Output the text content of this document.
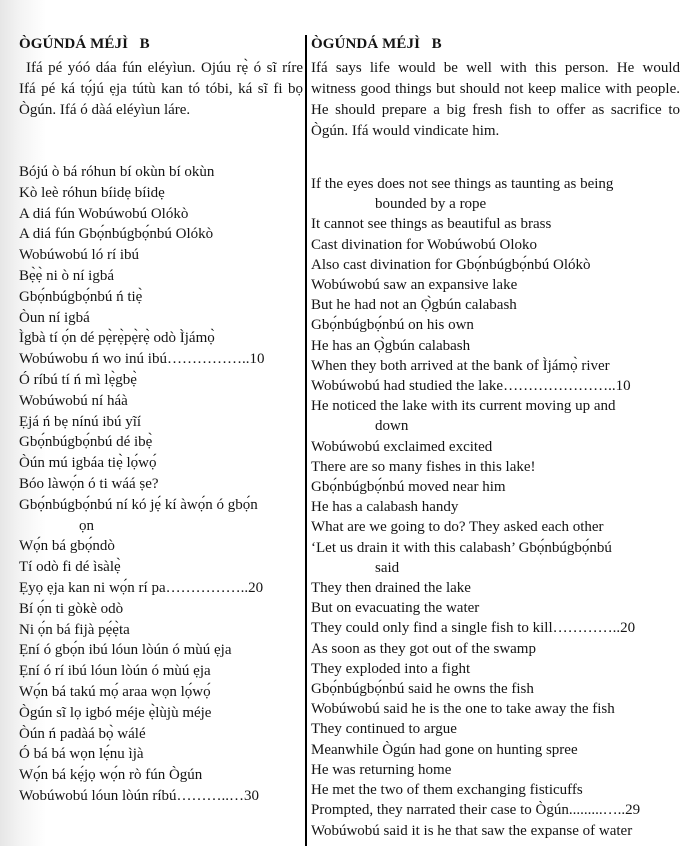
ÒGÚNDÁ MÉJÌ   B

Ifá pé yóó dáa fún eléyìun. Ojúu rẹ̀ ó sĩ ríre Ifá pé ká tọ́jú ẹja tútù kan tó tóbi, ká sĩ fi bọ Ògún. Ifá ó dàá eléyìun láre.

Bójú ò bá róhun bí okùn bí okùn
Kò leè róhun bíidẹ bíidẹ
A diá fún Wobúwobú Olókò
A diá fún Gbọ́nbúgbọ́nbú Olókò
Wobúwobú ló rí ibú
Bẹ̀ẹ̀ ni ò ní igbá
Gbọ́nbúgbọ́nbú ń tiẹ̀
Òun ní igbá
Ìgbà tí ọ́n dé pẹ̀rẹ̀pẹ̀rẹ̀ odò Ìjámọ̀
Wobúwobu ń wo inú ibú……………..10
Ó ríbú tí ń mì lẹ̀gbẹ̀
Wobúwobú ní háà
Ẹjá ń bẹ nínú ibú yĩí
Gbọ́nbúgbọ́nbú dé ibẹ̀
Òún mú igbáa tiẹ̀ lọ́wọ́
Bóo làwọ́n ó ti wáá ṣe?
Gbọ́nbúgbọ́nbú ní kó jẹ́ kí àwọ́n ó gbọ́n
ọn
Wọ́n bá gbọ́ndò
Tí odò fi dé ìsàlẹ̀
Ẹyọ ẹja kan ni wọ́n rí pa……………..20
Bí ọ́n ti gòkè odò
Ni ọ́n bá fijà pẹ́ẹ̀ta
Ẹní ó gbọ́n ibú lóun lòún ó mùú ẹja
Ẹní ó rí ibú lóun lòún ó mùú ẹja
Wọ́n bá takú mọ́ araa wọn lọ́wọ́
Ògún sĩ lọ igbó méje ẹ̀lùjù méje
Òún ń padàá bọ̀ wálé
Ó bá bá wọn lẹ́nu ìjà
Wọ́n bá kẹ́jọ wọ́n rò fún Ògún
Wobúwobú lóun lòún ríbú………..…30
ÒGÚNDÁ MÉJÌ   B

Ifá says life would be well with this person. He would witness good things but should not keep malice with people. He should prepare a big fresh fish to offer as sacrifice to Ògún. Ifá would vindicate him.

If the eyes does not see things as taunting as being
bounded by a rope
It cannot see things as beautiful as brass
Cast divination for Wobúwobú Oloko
Also cast divination for Gbọ́nbúgbọ́nbú Olókò
Wobúwobú saw an expansive lake
But he had not an Ọ̀gbún calabash
Gbọ́nbúgbọ́nbú on his own
He has an Ọ̀gbún calabash
When they both arrived at the bank of Ìjámọ̀ river
Wobúwobú had studied the lake…………………..10
He noticed the lake with its current moving up and
down
Wobúwobú exclaimed excited
There are so many fishes in this lake!
Gbọ́nbúgbọ́nbú moved near him
He has a calabash handy
What are we going to do? They asked each other
‘Let us drain it with this calabash’ Gbọ́nbúgbọ́nbú
said
They then drained the lake
But on evacuating the water
They could only find a single fish to kill…………..20
As soon as they got out of the swamp
They exploded into a fight
Gbọ́nbúgbọ́nbú said he owns the fish
Wobúwobú said he is the one to take away the fish
They continued to argue
Meanwhile Ògún had gone on hunting spree
He was returning home
He met the two of them exchanging fisticuffs
Prompted, they narrated their case to Ògún.........…..29
Wobúwobú said it is he that saw the expanse of water
